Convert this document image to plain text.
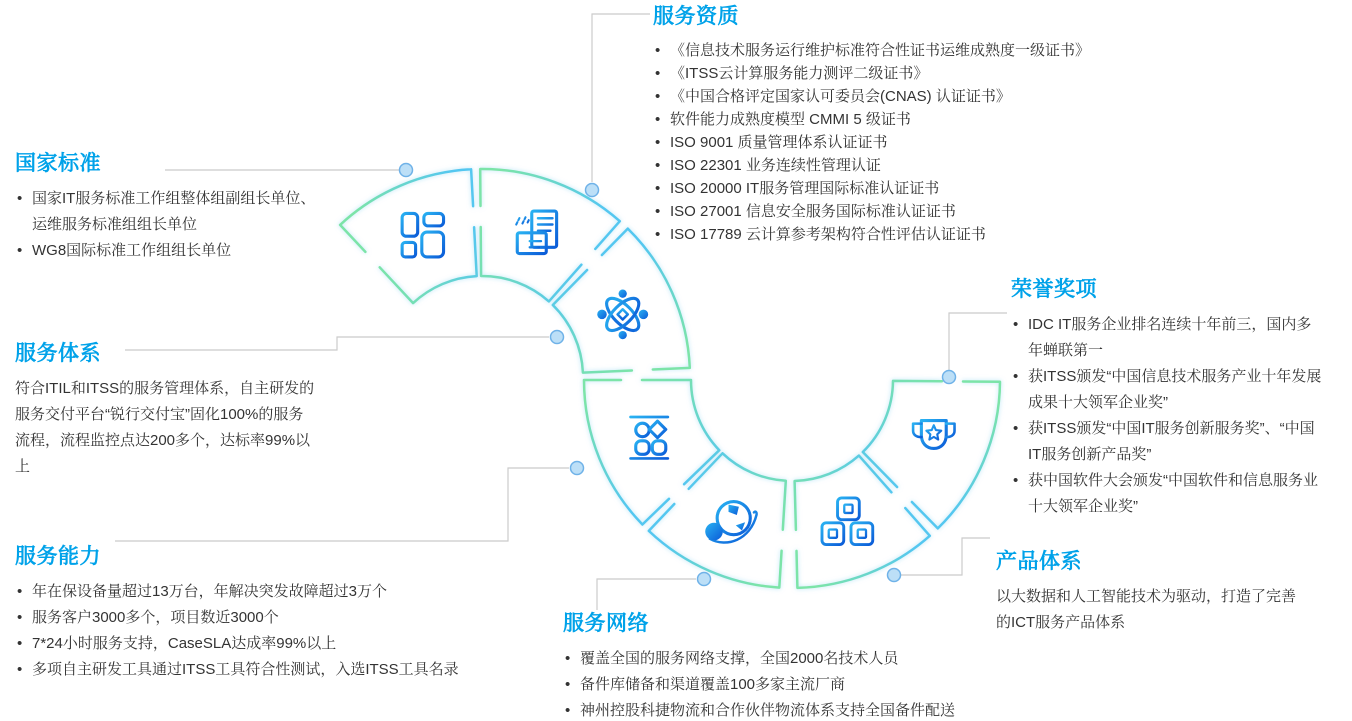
国家标准
• 国家IT服务标准工作组整体组副组长单位、运维服务标准组组长单位
• WG8国际标准工作组组长单位
服务资质
• 《信息技术服务运行维护标准符合性证书运维成熟度一级证书》
• 《ITSS云计算服务能力测评二级证书》
• 《中国合格评定国家认可委员会(CNAS) 认证证书》
• 软件能力成熟度模型 CMMI 5 级证书
• ISO 9001 质量管理体系认证证书
• ISO 22301 业务连续性管理认证
• ISO 20000 IT服务管理国际标准认证证书
• ISO 27001 信息安全服务国际标准认证证书
• ISO 17789 云计算参考架构符合性评估认证证书
服务体系

符合ITIL和ITSS的服务管理体系，自主研发的服务交付平台“锐行交付宝”固化100%的服务流程，流程监控点达200多个，达标率99%以上

服务能力
• 年在保设备量超过13万台，年解决突发故障超过3万个
• 服务客户3000多个，项目数近3000个
• 7*24小时服务支持，CaseSLA达成率99%以上
• 多项自主研发工具通过ITSS工具符合性测试，入选ITSS工具名录
服务网络
• 覆盖全国的服务网络支撑，全国2000名技术人员
• 备件库储备和渠道覆盖100多家主流厂商
• 神州控股科捷物流和合作伙伴物流体系支持全国备件配送
产品体系

以大数据和人工智能技术为驱动，打造了完善的ICT服务产品体系

荣誉奖项
• IDC IT服务企业排名连续十年前三，国内多年蝉联第一
• 获ITSS颁发“中国信息技术服务产业十年发展成果十大领军企业奖”
• 获ITSS颁发“中国IT服务创新服务奖”、“中国IT服务创新产品奖”
• 获中国软件大会颁发“中国软件和信息服务业十大领军企业奖”
